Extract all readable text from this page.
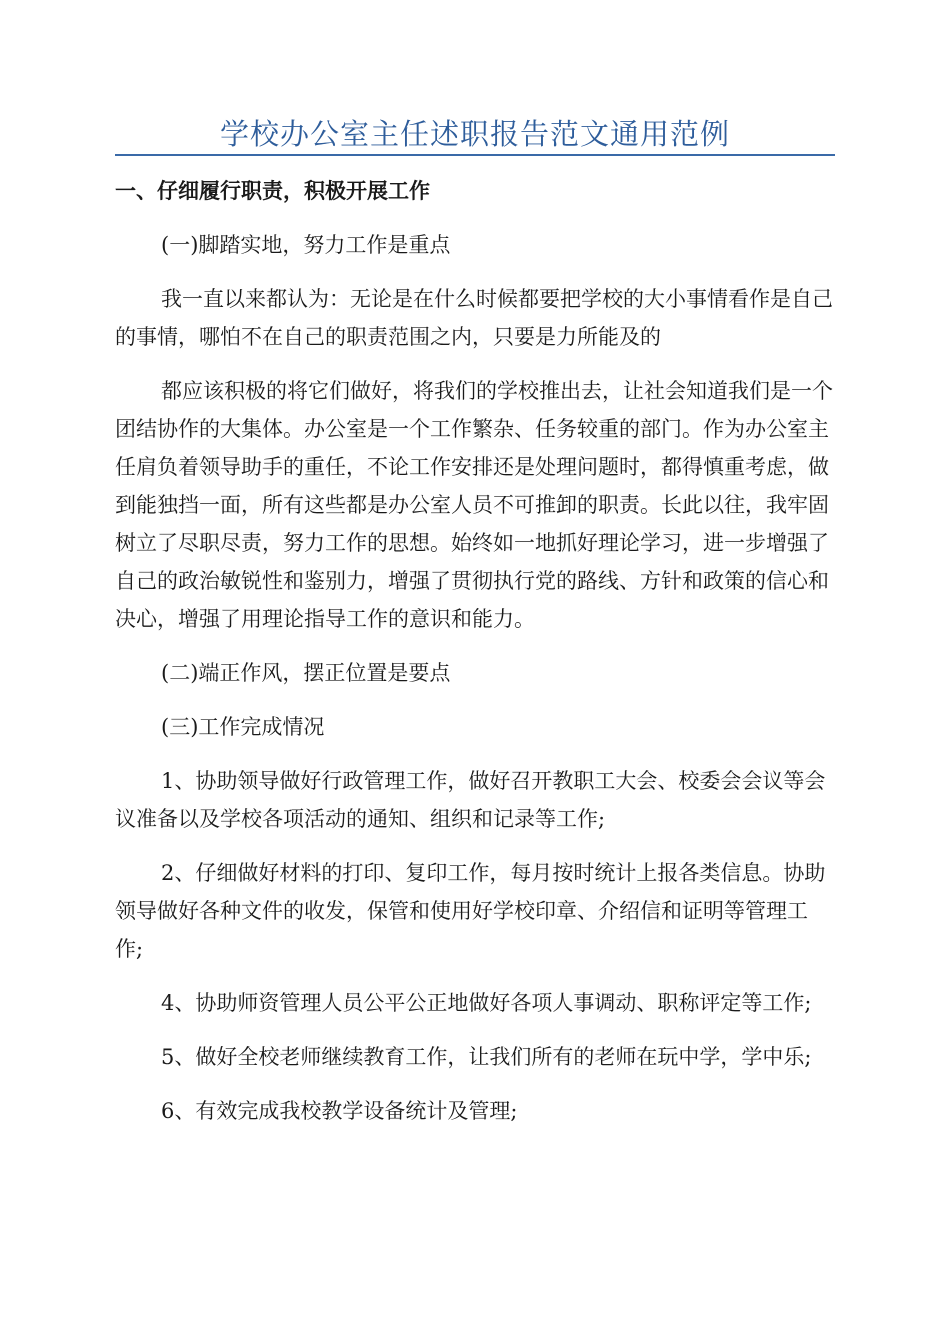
学校办公室主任述职报告范文通用范例

一、仔细履行职责，积极开展工作

(一)脚踏实地，努力工作是重点

我一直以来都认为：无论是在什么时候都要把学校的大小事情看作是自己的事情，哪怕不在自己的职责范围之内，只要是力所能及的

都应该积极的将它们做好，将我们的学校推出去，让社会知道我们是一个团结协作的大集体。办公室是一个工作繁杂、任务较重的部门。作为办公室主任肩负着领导助手的重任，不论工作安排还是处理问题时，都得慎重考虑，做到能独挡一面，所有这些都是办公室人员不可推卸的职责。长此以往，我牢固树立了尽职尽责，努力工作的思想。始终如一地抓好理论学习，进一步增强了自己的政治敏锐性和鉴别力，增强了贯彻执行党的路线、方针和政策的信心和决心，增强了用理论指导工作的意识和能力。

(二)端正作风，摆正位置是要点

(三)工作完成情况

1、协助领导做好行政管理工作，做好召开教职工大会、校委会会议等会议准备以及学校各项活动的通知、组织和记录等工作;

2、仔细做好材料的打印、复印工作，每月按时统计上报各类信息。协助领导做好各种文件的收发，保管和使用好学校印章、介绍信和证明等管理工作;

4、协助师资管理人员公平公正地做好各项人事调动、职称评定等工作;

5、做好全校老师继续教育工作，让我们所有的老师在玩中学，学中乐;

6、有效完成我校教学设备统计及管理;
